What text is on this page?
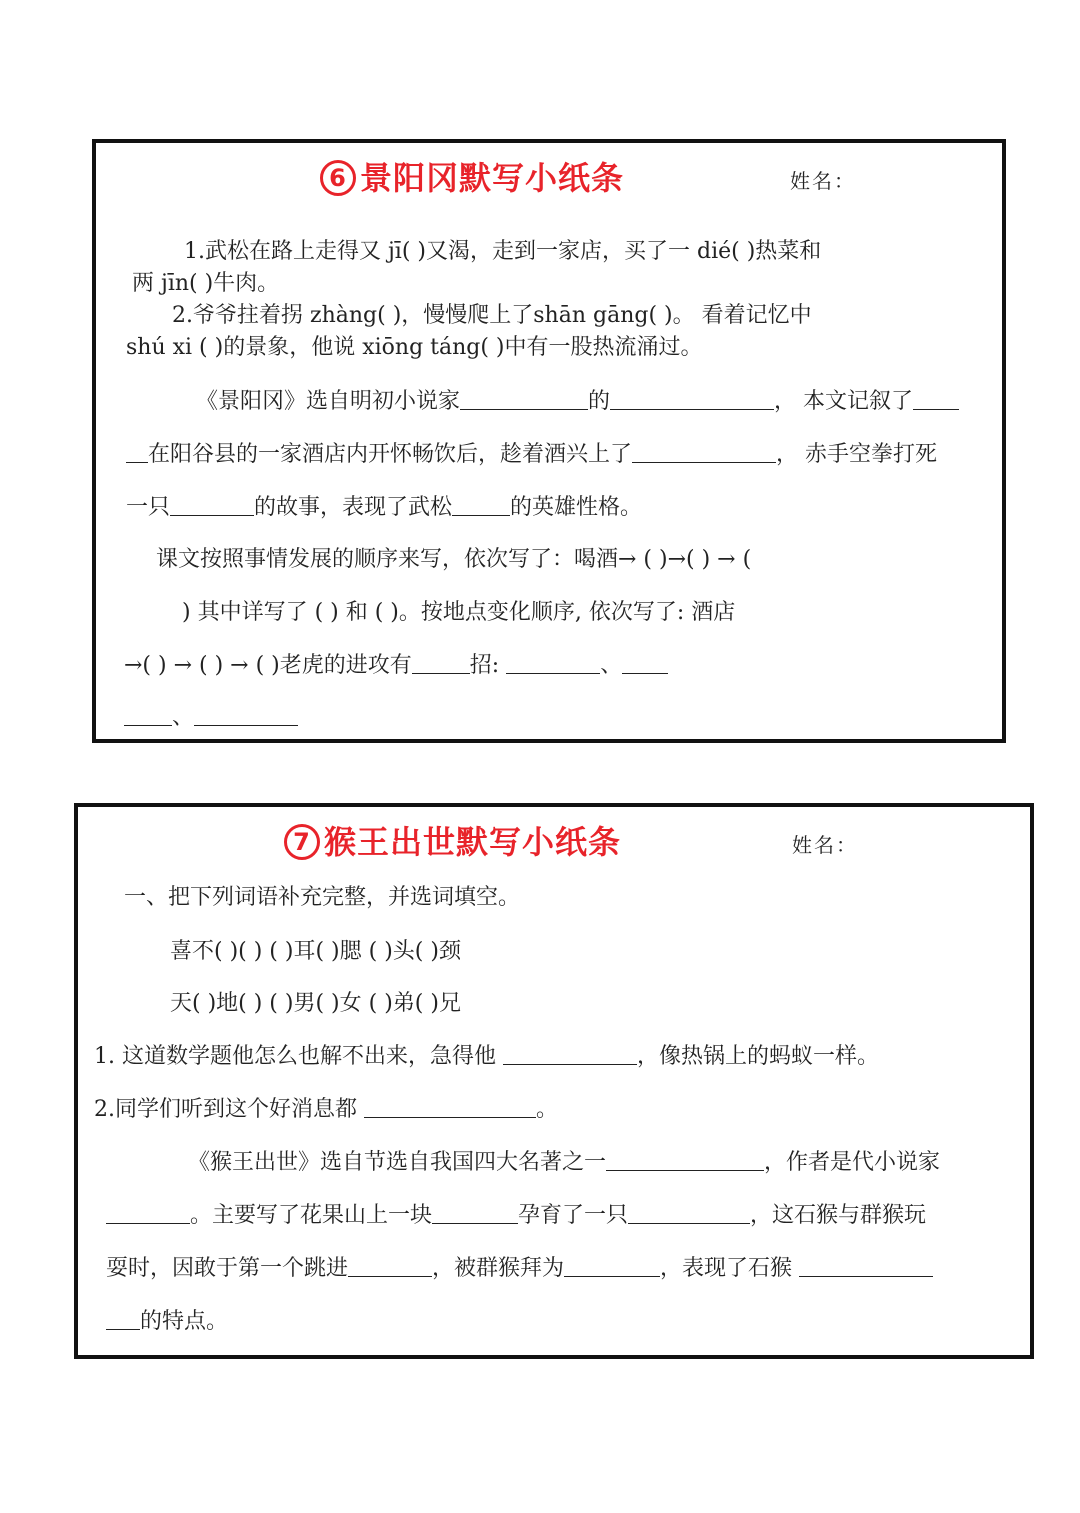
6 景阳冈默写小纸条	姓名：
1.武松在路上走得又 jī( )又渴，走到一家店，买了一 dié( )热菜和
两 jīn( )牛肉。
2.爷爷拄着拐 zhàng( )，慢慢爬上了shān gāng( )。 看着记忆中
shú xi ( )的景象，他说 xiōng táng( )中有一股热流涌过。
《景阳冈》选自明初小说家	的	， 本文记叙了
在阳谷县的一家酒店内开怀畅饮后，趁着酒兴上了	， 赤手空拳打死
一只	的故事，表现了武松	的英雄性格。
课文按照事情发展的顺序来写，依次写了：喝酒→ ( )→( ) → (
) 其中详写了 ( ) 和 ( )。按地点变化顺序, 依次写了: 酒店
→( ) → ( ) → ( )老虎的进攻有	招:	、
、
7 猴王出世默写小纸条	姓名：
一、把下列词语补充完整，并选词填空。
喜不( )( ) ( )耳( )腮 ( )头( )颈
天( )地( ) ( )男( )女 ( )弟( )兄
1. 这道数学题他怎么也解不出来，急得他	，像热锅上的蚂蚁一样。
2.同学们听到这个好消息都	。
《猴王出世》选自节选自我国四大名著之一	，作者是代小说家
。主要写了花果山上一块	孕育了一只	，这石猴与群猴玩
耍时，因敢于第一个跳进	，被群猴拜为	，表现了石猴
的特点。
